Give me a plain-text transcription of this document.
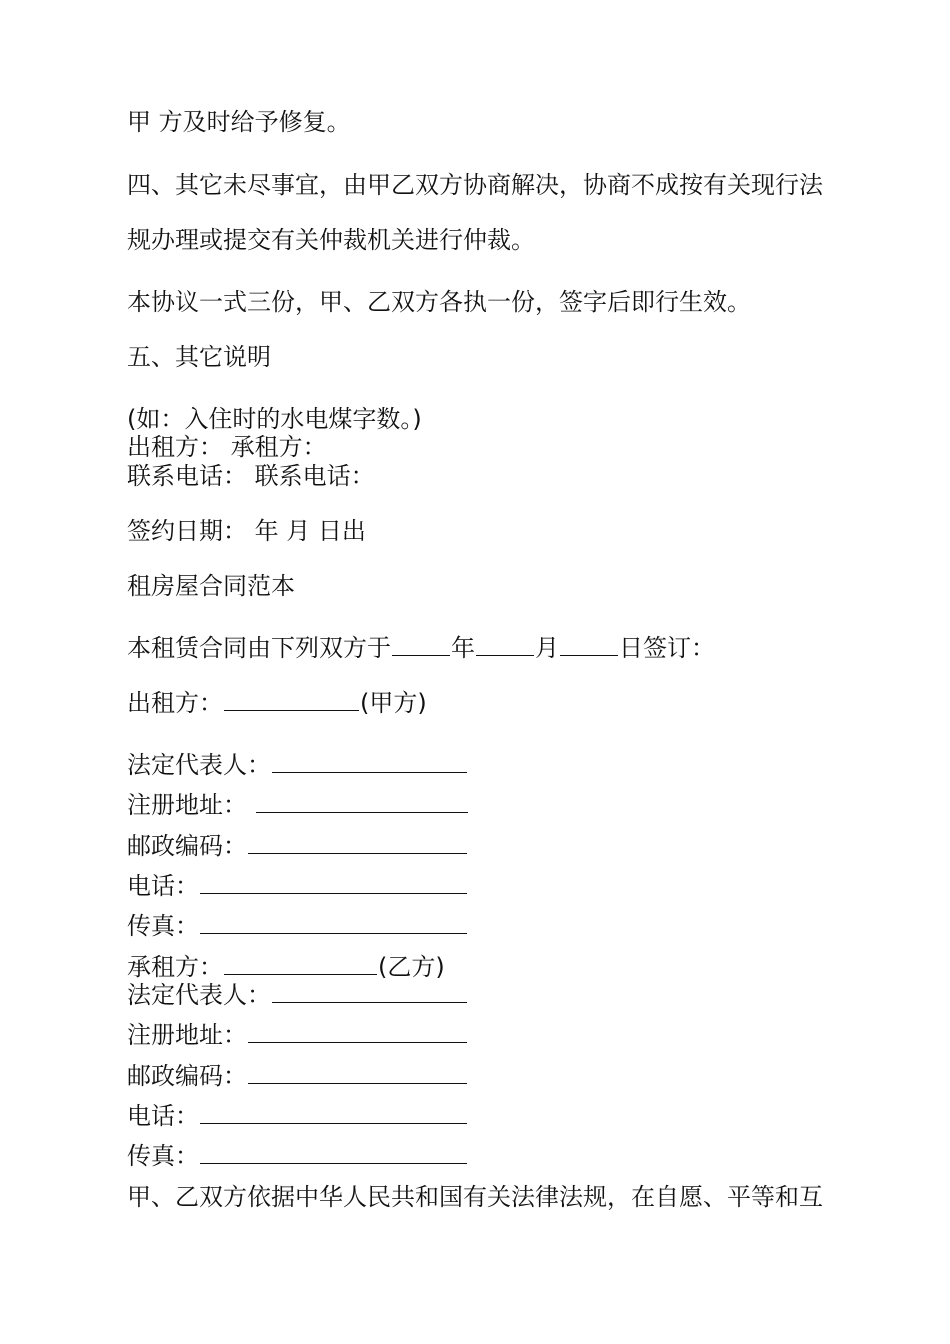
甲 方及时给予修复。
四、其它未尽事宜，由甲乙双方协商解决，协商不成按有关现行法
规办理或提交有关仲裁机关进行仲裁。
本协议一式三份，甲、乙双方各执一份，签字后即行生效。
五、其它说明
(如：入住时的水电煤字数。)
出租方： 承租方：
联系电话： 联系电话：
签约日期： 年 月 日出
租房屋合同范本
本租赁合同由下列双方于	年	月	日签订：
出租方：	(甲方)
法定代表人：
注册地址：
邮政编码：
电话：
传真：
承租方：	(乙方)
法定代表人：
注册地址：
邮政编码：
电话：
传真：
甲、乙双方依据中华人民共和国有关法律法规，在自愿、平等和互
